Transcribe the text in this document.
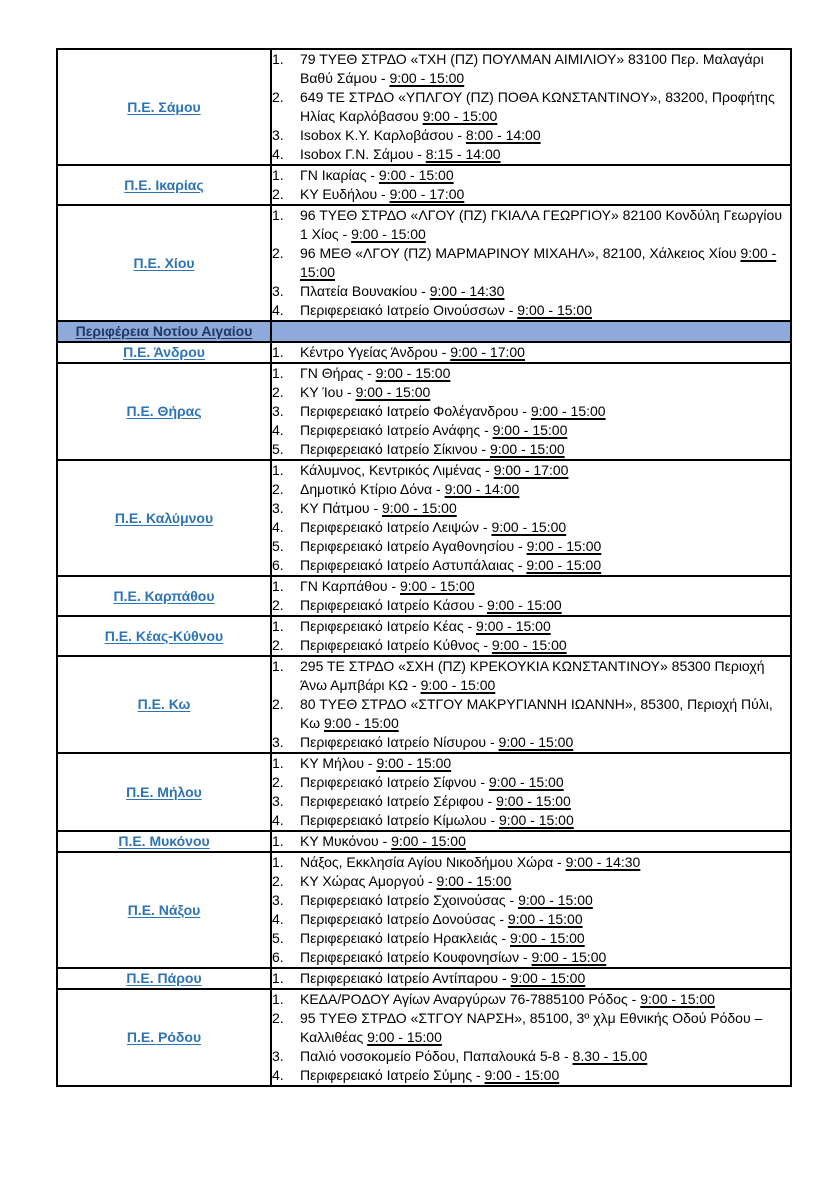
Π.Ε. Σάμου	
1.	79 ΤΥΕΘ ΣΤΡΔΟ «ΤΧΗ (ΠΖ) ΠΟΥΛΜΑΝ ΑΙΜΙΛΙΟΥ» 83100 Περ. Μαλαγάρι Βαθύ Σάμου - 9:00 - 15:00
2.	649 ΤΕ ΣΤΡΔΟ «ΥΠΛΓΟΥ (ΠΖ) ΠΟΘΑ ΚΩΝΣΤΑΝΤΙΝΟΥ», 83200, Προφήτης Ηλίας Καρλόβασου 9:00 - 15:00
3.	Isobox Κ.Υ. Καρλοβάσου - 8:00 - 14:00
4.	Isobox Γ.Ν. Σάμου - 8:15 - 14:00

Π.Ε. Ικαρίας	1. ΓΝ Ικαρίας - 9:00 - 15:00
2. ΚΥ Ευδήλου - 9:00 - 17:00

Π.Ε. Χίου	
1.	96 ΤΥΕΘ ΣΤΡΔΟ «ΛΓΟΥ (ΠΖ) ΓΚΙΑΛΑ ΓΕΩΡΓΙΟΥ» 82100 Κονδύλη Γεωργίου 1 Χίος - 9:00 - 15:00
2.	96 ΜΕΘ «ΛΓΟΥ (ΠΖ) ΜΑΡΜΑΡΙΝΟΥ ΜΙΧΑΗΛ», 82100, Χάλκειος Χίου 9:00 - 15:00
3.	Πλατεία Βουνακίου - 9:00 - 14:30
4.	Περιφερειακό Ιατρείο Οινούσσων - 9:00 - 15:00

Περιφέρεια Νοτίου Αιγαίου	
Π.Ε. Άνδρου	1. Κέντρο Υγείας Άνδρου - 9:00 - 17:00

Π.Ε. Θήρας	
1.	ΓΝ Θήρας - 9:00 - 15:00
2.	ΚΥ Ίου - 9:00 - 15:00
3.	Περιφερειακό Ιατρείο Φολέγανδρου - 9:00 - 15:00
4.	Περιφερειακό Ιατρείο Ανάφης - 9:00 - 15:00
5.	Περιφερειακό Ιατρείο Σίκινου - 9:00 - 15:00

Π.Ε. Καλύμνου	
1.	Κάλυμνος, Κεντρικός Λιμένας - 9:00 - 17:00
2.	Δημοτικό Κτίριο Δόνα - 9:00 - 14:00
3.	ΚΥ Πάτμου - 9:00 - 15:00
4.	Περιφερειακό Ιατρείο Λειψών - 9:00 - 15:00
5.	Περιφερειακό Ιατρείο Αγαθονησίου - 9:00 - 15:00
6.	Περιφερειακό Ιατρείο Αστυπάλαιας - 9:00 - 15:00

Π.Ε. Καρπάθου	1. ΓΝ Καρπάθου - 9:00 - 15:00
2. Περιφερειακό Ιατρείο Κάσου - 9:00 - 15:00

Π.Ε. Κέας-Κύθνου	1. Περιφερειακό Ιατρείο Κέας - 9:00 - 15:00
2. Περιφερειακό Ιατρείο Κύθνος - 9:00 - 15:00

Π.Ε. Κω	
1.	295 ΤΕ ΣΤΡΔΟ «ΣΧΗ (ΠΖ) ΚΡΕΚΟΥΚΙΑ ΚΩΝΣΤΑΝΤΙΝΟΥ» 85300 Περιοχή Άνω Αμπβάρι ΚΩ - 9:00 - 15:00
2.	80 ΤΥΕΘ ΣΤΡΔΟ «ΣΤΓΟΥ ΜΑΚΡΥΓΙΑΝΝΗ ΙΩΑΝΝΗ», 85300, Περιοχή Πύλι, Κω 9:00 - 15:00
3.	Περιφερειακό Ιατρείο Νίσυρου - 9:00 - 15:00

Π.Ε. Μήλου	
1.	ΚΥ Μήλου - 9:00 - 15:00
2.	Περιφερειακό Ιατρείο Σίφνου - 9:00 - 15:00
3.	Περιφερειακό Ιατρείο Σέριφου - 9:00 - 15:00
4.	Περιφερειακό Ιατρείο Κίμωλου - 9:00 - 15:00

Π.Ε. Μυκόνου	1. ΚΥ Μυκόνου - 9:00 - 15:00

Π.Ε. Νάξου	
1.	Νάξος, Εκκλησία Αγίου Νικοδήμου Χώρα - 9:00 - 14:30
2.	ΚΥ Χώρας Αμοργού - 9:00 - 15:00
3.	Περιφερειακό Ιατρείο Σχοινούσας - 9:00 - 15:00
4.	Περιφερειακό Ιατρείο Δονούσας - 9:00 - 15:00
5.	Περιφερειακό Ιατρείο Ηρακλειάς - 9:00 - 15:00
6.	Περιφερειακό Ιατρείο Κουφονησίων - 9:00 - 15:00

Π.Ε. Πάρου	1. Περιφερειακό Ιατρείο Αντίπαρου - 9:00 - 15:00

Π.Ε. Ρόδου	
1.	ΚΕΔΑ/ΡΟΔΟΥ Αγίων Αναργύρων 76-7885100 Ρόδος - 9:00 - 15:00
2.	95 ΤΥΕΘ ΣΤΡΔΟ «ΣΤΓΟΥ ΝΑΡΣΗ», 85100, 3º χλμ Εθνικής Οδού Ρόδου – Καλλιθέας 9:00 - 15:00
3.	Παλιό νοσοκομείο Ρόδου, Παπαλουκά 5-8 - 8.30 - 15.00
4.	Περιφερειακό Ιατρείο Σύμης - 9:00 - 15:00
